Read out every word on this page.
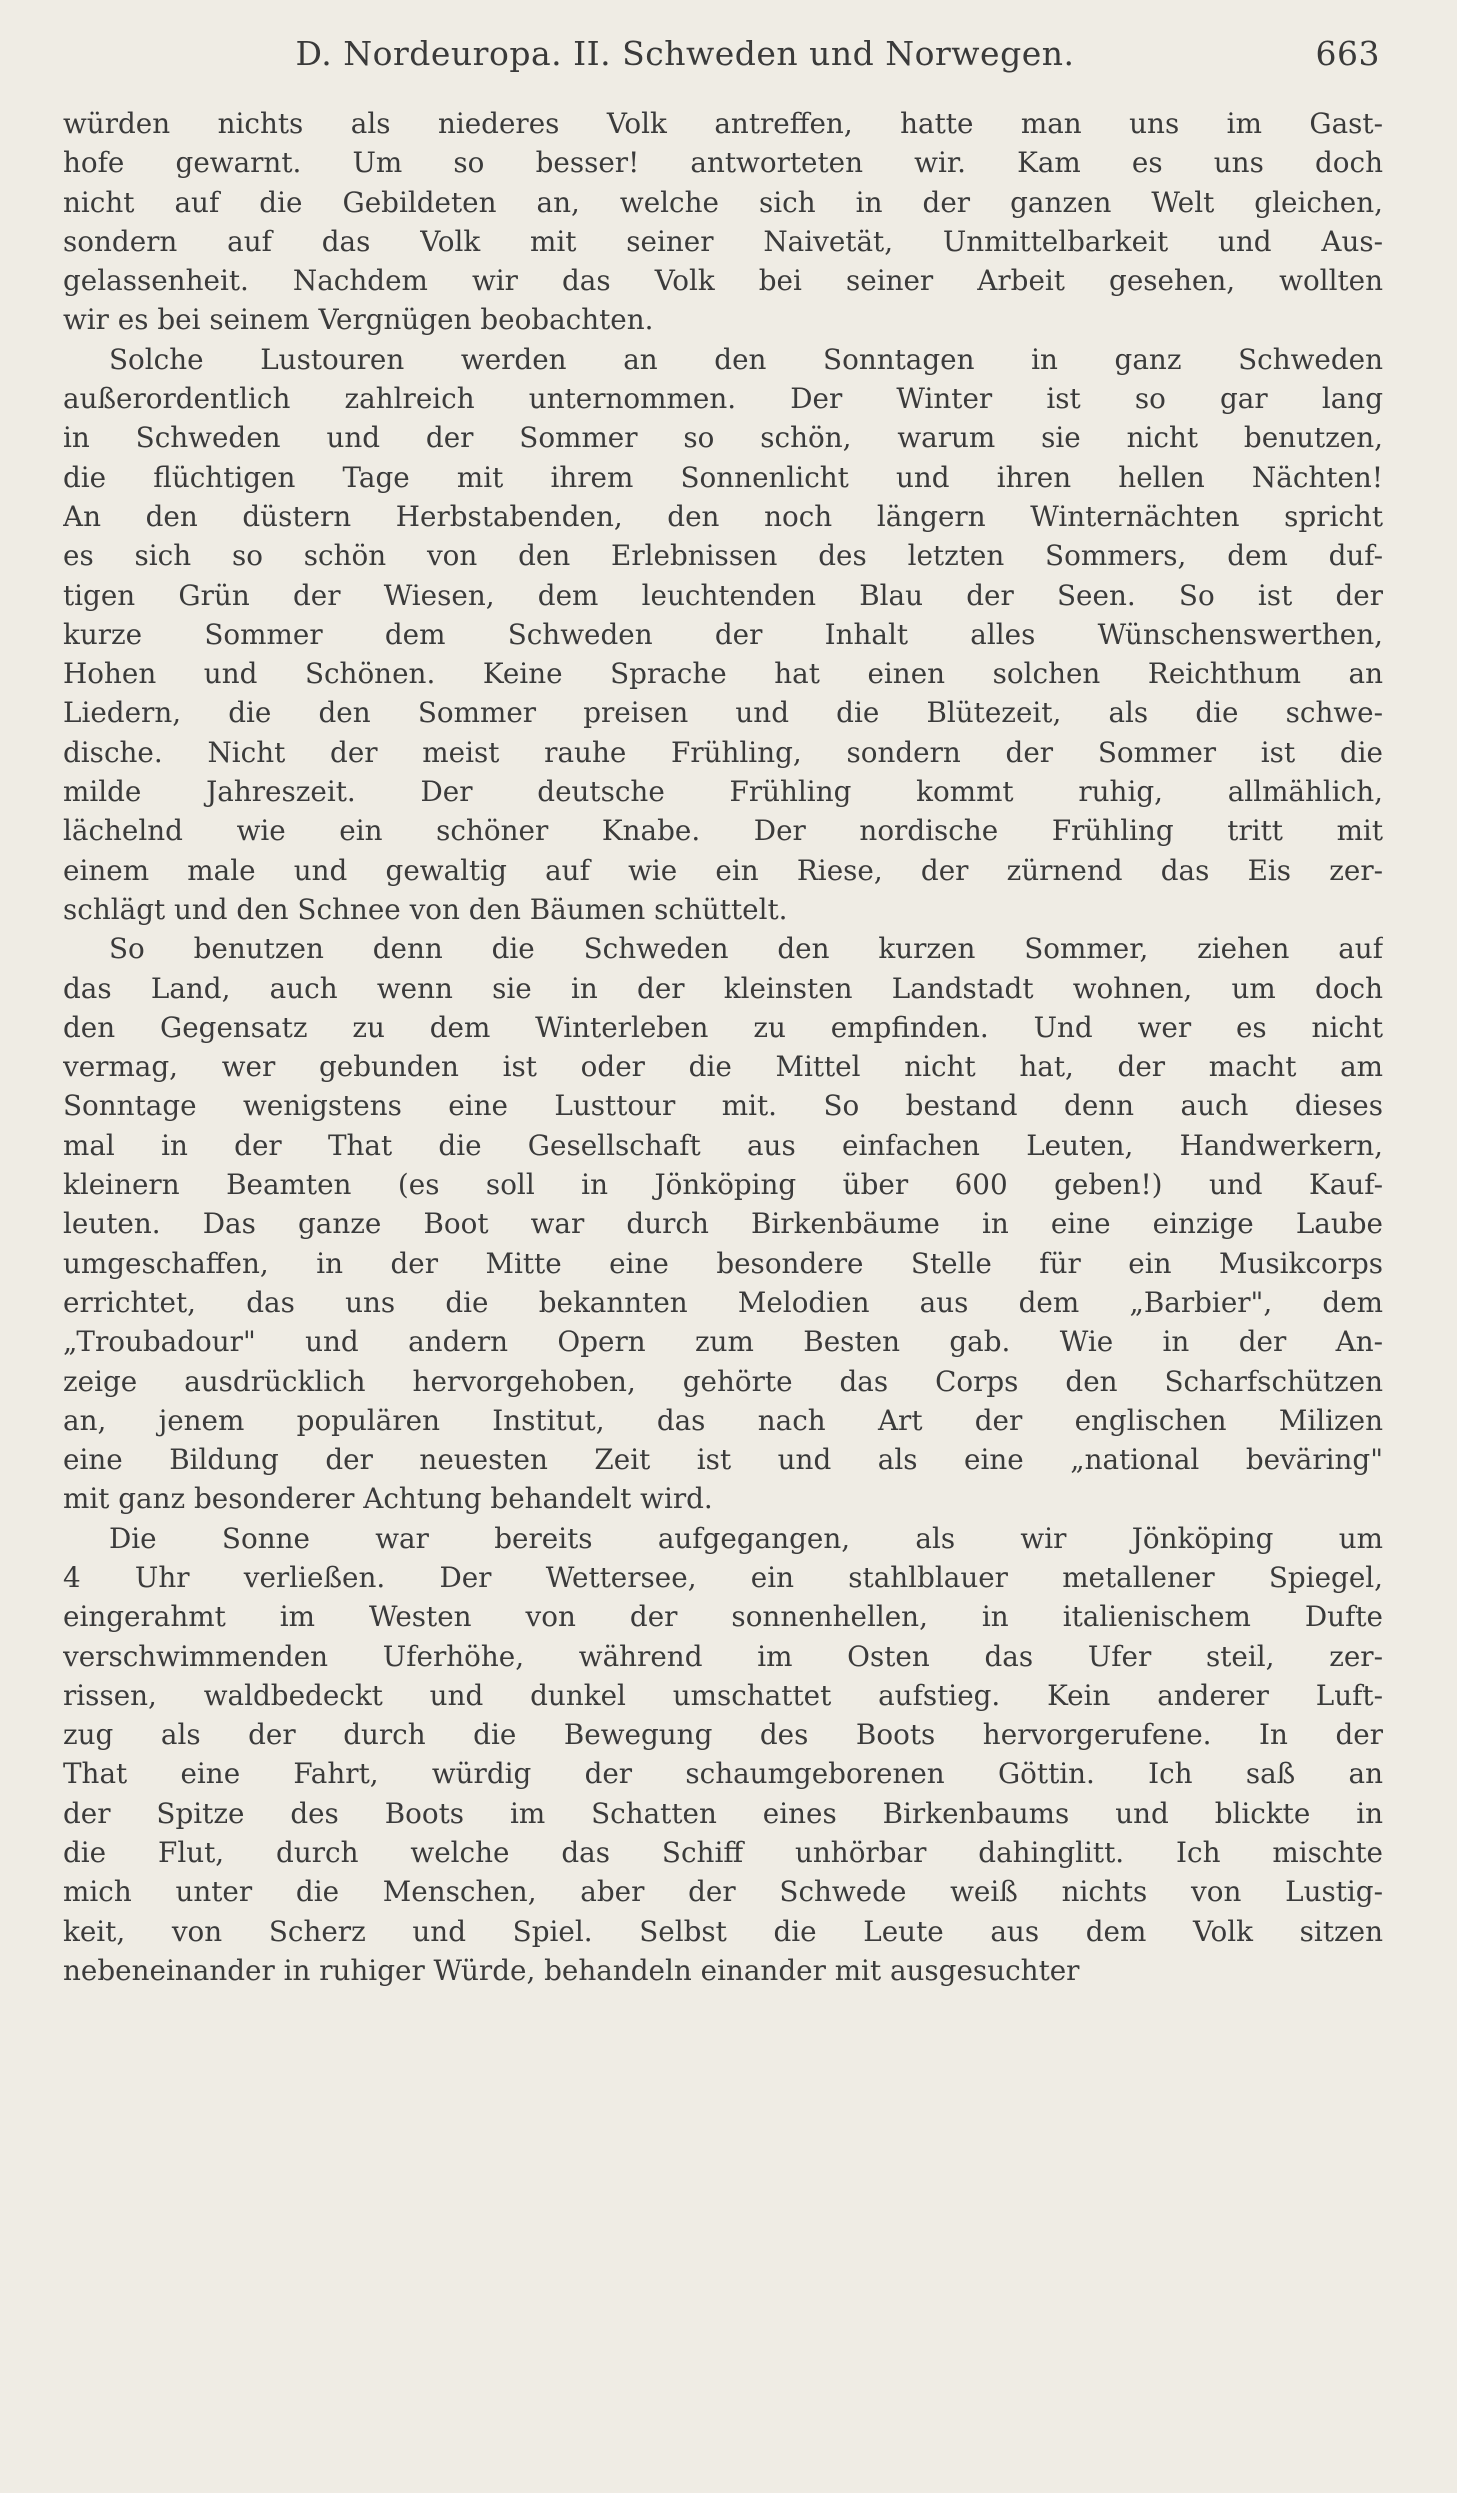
D. Nordeuropa. II. Schweden und Norwegen.	663
würden nichts als niederes Volk antreffen, hatte man uns im Gast-
hofe gewarnt. Um so besser! antworteten wir. Kam es uns doch
nicht auf die Gebildeten an, welche sich in der ganzen Welt gleichen,
sondern auf das Volk mit seiner Naivetät, Unmittelbarkeit und Aus-
gelassenheit. Nachdem wir das Volk bei seiner Arbeit gesehen, wollten
wir es bei seinem Vergnügen beobachten.
Solche Lustouren werden an den Sonntagen in ganz Schweden
außerordentlich zahlreich unternommen. Der Winter ist so gar lang
in Schweden und der Sommer so schön, warum sie nicht benutzen,
die flüchtigen Tage mit ihrem Sonnenlicht und ihren hellen Nächten!
An den düstern Herbstabenden, den noch längern Winternächten spricht
es sich so schön von den Erlebnissen des letzten Sommers, dem duf-
tigen Grün der Wiesen, dem leuchtenden Blau der Seen. So ist der
kurze Sommer dem Schweden der Inhalt alles Wünschenswerthen,
Hohen und Schönen. Keine Sprache hat einen solchen Reichthum an
Liedern, die den Sommer preisen und die Blütezeit, als die schwe-
dische. Nicht der meist rauhe Frühling, sondern der Sommer ist die
milde Jahreszeit. Der deutsche Frühling kommt ruhig, allmählich,
lächelnd wie ein schöner Knabe. Der nordische Frühling tritt mit
einem male und gewaltig auf wie ein Riese, der zürnend das Eis zer-
schlägt und den Schnee von den Bäumen schüttelt.
So benutzen denn die Schweden den kurzen Sommer, ziehen auf
das Land, auch wenn sie in der kleinsten Landstadt wohnen, um doch
den Gegensatz zu dem Winterleben zu empfinden. Und wer es nicht
vermag, wer gebunden ist oder die Mittel nicht hat, der macht am
Sonntage wenigstens eine Lusttour mit. So bestand denn auch dieses
mal in der That die Gesellschaft aus einfachen Leuten, Handwerkern,
kleinern Beamten (es soll in Jönköping über 600 geben!) und Kauf-
leuten. Das ganze Boot war durch Birkenbäume in eine einzige Laube
umgeschaffen, in der Mitte eine besondere Stelle für ein Musikcorps
errichtet, das uns die bekannten Melodien aus dem „Barbier", dem
„Troubadour" und andern Opern zum Besten gab. Wie in der An-
zeige ausdrücklich hervorgehoben, gehörte das Corps den Scharfschützen
an, jenem populären Institut, das nach Art der englischen Milizen
eine Bildung der neuesten Zeit ist und als eine „national beväring"
mit ganz besonderer Achtung behandelt wird.
Die Sonne war bereits aufgegangen, als wir Jönköping um
4 Uhr verließen. Der Wettersee, ein stahlblauer metallener Spiegel,
eingerahmt im Westen von der sonnenhellen, in italienischem Dufte
verschwimmenden Uferhöhe, während im Osten das Ufer steil, zer-
rissen, waldbedeckt und dunkel umschattet aufstieg. Kein anderer Luft-
zug als der durch die Bewegung des Boots hervorgerufene. In der
That eine Fahrt, würdig der schaumgeborenen Göttin. Ich saß an
der Spitze des Boots im Schatten eines Birkenbaums und blickte in
die Flut, durch welche das Schiff unhörbar dahinglitt. Ich mischte
mich unter die Menschen, aber der Schwede weiß nichts von Lustig-
keit, von Scherz und Spiel. Selbst die Leute aus dem Volk sitzen
nebeneinander in ruhiger Würde, behandeln einander mit ausgesuchter
